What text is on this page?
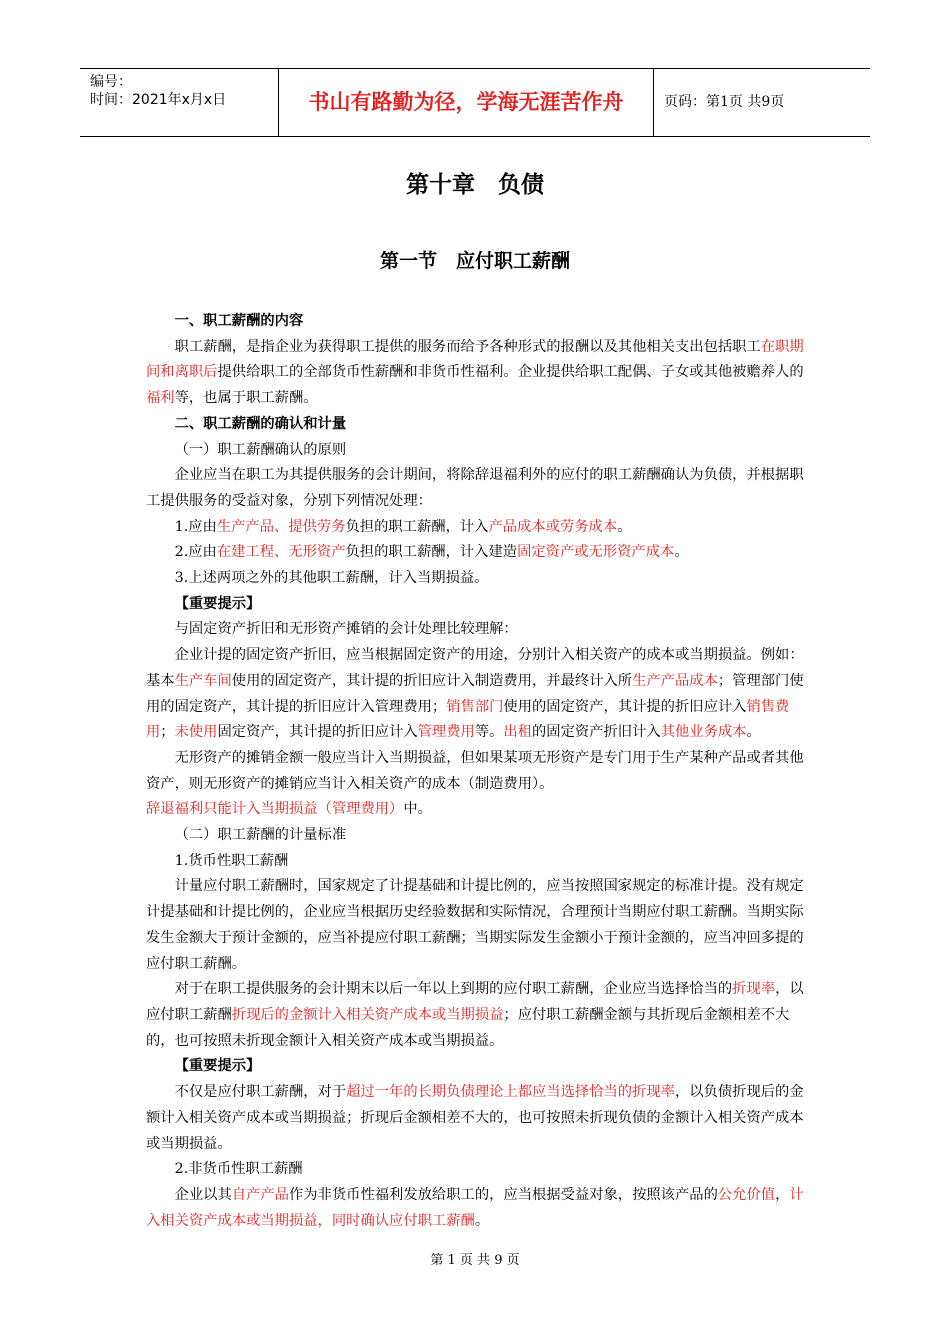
编号：
时间：2021年x月x日	书山有路勤为径，学海无涯苦作舟	页码：第1页 共9页
第十章　负债
第一节　应付职工薪酬

一、职工薪酬的内容

职工薪酬，是指企业为获得职工提供的服务而给予各种形式的报酬以及其他相关支出包括职工在职期间和离职后提供给职工的全部货币性薪酬和非货币性福利。企业提供给职工配偶、子女或其他被赡养人的福利等，也属于职工薪酬。

二、职工薪酬的确认和计量

（一）职工薪酬确认的原则

企业应当在职工为其提供服务的会计期间，将除辞退福利外的应付的职工薪酬确认为负债，并根据职工提供服务的受益对象，分别下列情况处理：

1.应由生产产品、提供劳务负担的职工薪酬，计入产品成本或劳务成本。

2.应由在建工程、无形资产负担的职工薪酬，计入建造固定资产或无形资产成本。

3.上述两项之外的其他职工薪酬，计入当期损益。

【重要提示】

与固定资产折旧和无形资产摊销的会计处理比较理解：

企业计提的固定资产折旧，应当根据固定资产的用途，分别计入相关资产的成本或当期损益。例如：基本生产车间使用的固定资产，其计提的折旧应计入制造费用，并最终计入所生产产品成本；管理部门使用的固定资产，其计提的折旧应计入管理费用；销售部门使用的固定资产，其计提的折旧应计入销售费用；未使用固定资产，其计提的折旧应计入管理费用等。出租的固定资产折旧计入其他业务成本。

无形资产的摊销金额一般应当计入当期损益，但如果某项无形资产是专门用于生产某种产品或者其他资产，则无形资产的摊销应当计入相关资产的成本（制造费用）。

辞退福利只能计入当期损益（管理费用）中。

（二）职工薪酬的计量标准

1.货币性职工薪酬

计量应付职工薪酬时，国家规定了计提基础和计提比例的，应当按照国家规定的标准计提。没有规定计提基础和计提比例的，企业应当根据历史经验数据和实际情况，合理预计当期应付职工薪酬。当期实际发生金额大于预计金额的，应当补提应付职工薪酬；当期实际发生金额小于预计金额的，应当冲回多提的应付职工薪酬。

对于在职工提供服务的会计期末以后一年以上到期的应付职工薪酬，企业应当选择恰当的折现率，以应付职工薪酬折现后的金额计入相关资产成本或当期损益；应付职工薪酬金额与其折现后金额相差不大的，也可按照未折现金额计入相关资产成本或当期损益。

【重要提示】

不仅是应付职工薪酬，对于超过一年的长期负债理论上都应当选择恰当的折现率，以负债折现后的金额计入相关资产成本或当期损益；折现后金额相差不大的，也可按照未折现负债的金额计入相关资产成本或当期损益。

2.非货币性职工薪酬

企业以其自产产品作为非货币性福利发放给职工的，应当根据受益对象，按照该产品的公允价值，计入相关资产成本或当期损益，同时确认应付职工薪酬。

第 1 页 共 9 页
